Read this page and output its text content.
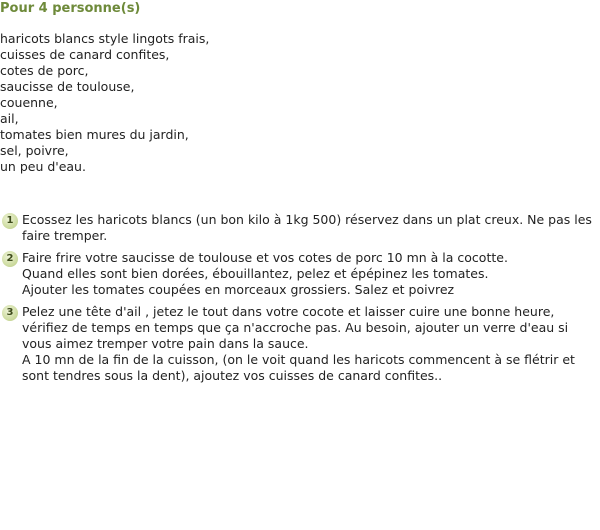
Pour 4 personne(s)
haricots blancs style lingots frais,
cuisses de canard confites,
cotes de porc,
saucisse de toulouse,
couenne,
ail,
tomates bien mures du jardin,
sel, poivre,
un peu d'eau.
1 Ecossez les haricots blancs (un bon kilo à 1kg 500) réservez dans un plat creux. Ne pas les faire tremper.
2 Faire frire votre saucisse de toulouse et vos cotes de porc 10 mn à la cocotte.
Quand elles sont bien dorées, ébouillantez, pelez et épépinez les tomates.
Ajouter les tomates coupées en morceaux grossiers. Salez et poivrez
3 Pelez une tête d'ail , jetez le tout dans votre cocote et laisser cuire une bonne heure, vérifiez de temps en temps que ça n'accroche pas. Au besoin, ajouter un verre d'eau si vous aimez tremper votre pain dans la sauce.
A 10 mn de la fin de la cuisson, (on le voit quand les haricots commencent à se flétrir et sont tendres sous la dent), ajoutez vos cuisses de canard confites..
